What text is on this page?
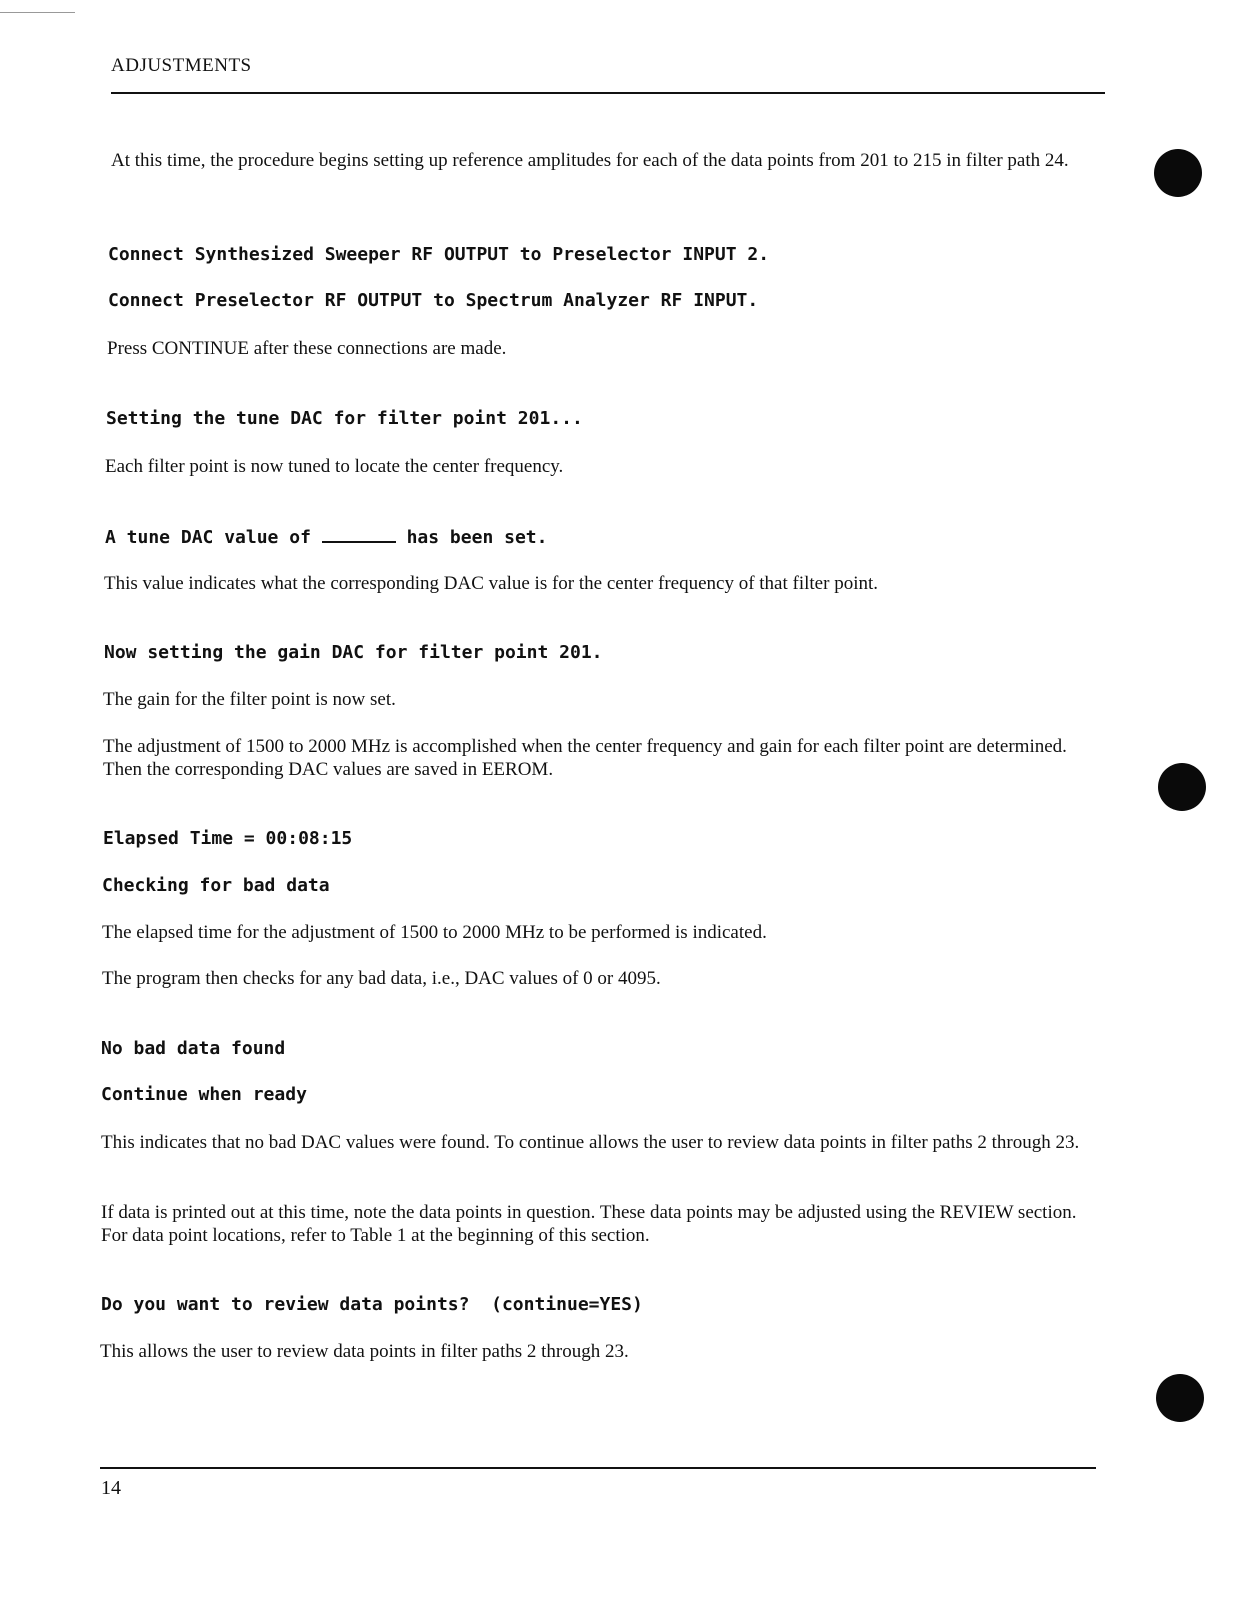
ADJUSTMENTS

At this time, the procedure begins setting up reference amplitudes for each of the data points from 201 to 215 in filter path 24.

Connect Synthesized Sweeper RF OUTPUT to Preselector INPUT 2.
Connect Preselector RF OUTPUT to Spectrum Analyzer RF INPUT.

Press CONTINUE after these connections are made.

Setting the tune DAC for filter point 201...

Each filter point is now tuned to locate the center frequency.

A tune DAC value of	has been set.

This value indicates what the corresponding DAC value is for the center frequency of that filter point.

Now setting the gain DAC for filter point 201.

The gain for the filter point is now set.

The adjustment of 1500 to 2000 MHz is accomplished when the center frequency and gain for each filter point are determined. Then the corresponding DAC values are saved in EEROM.

Elapsed Time = 00:08:15
Checking for bad data

The elapsed time for the adjustment of 1500 to 2000 MHz to be performed is indicated.

The program then checks for any bad data, i.e., DAC values of 0 or 4095.

No bad data found
Continue when ready

This indicates that no bad DAC values were found. To continue allows the user to review data points in filter paths 2 through 23.

If data is printed out at this time, note the data points in question. These data points may be adjusted using the REVIEW section. For data point locations, refer to Table 1 at the beginning of this section.

Do you want to review data points?  (continue=YES)

This allows the user to review data points in filter paths 2 through 23.

14
